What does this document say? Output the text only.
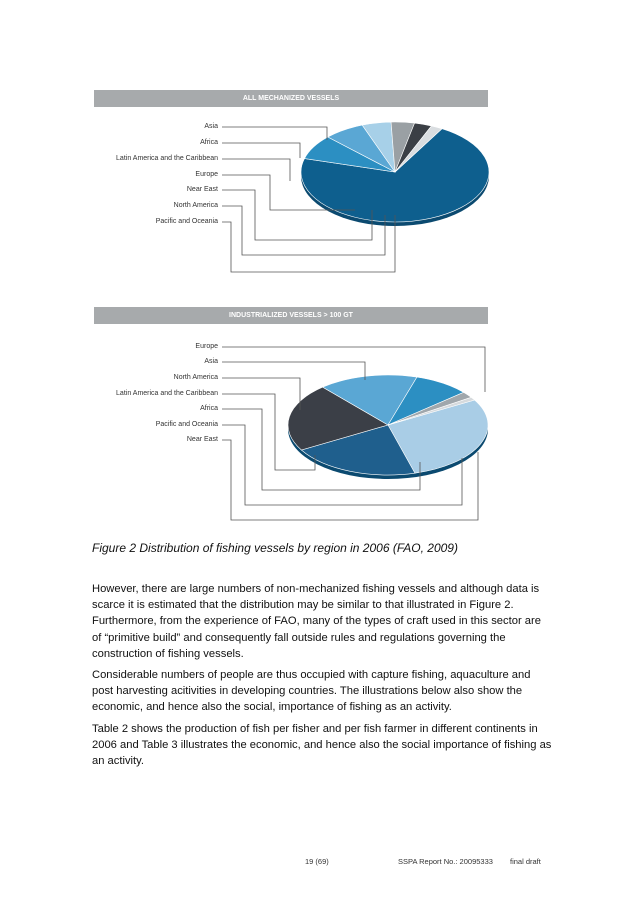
ALL MECHANIZED VESSELS
Asia
Africa
Latin America and the Caribbean
Europe
Near East
North America
Pacific and Oceania
INDUSTRIALIZED VESSELS > 100 GT
Europe
Asia
North America
Latin America and the Caribbean
Africa
Pacific and Oceania
Near East
Figure 2 Distribution of fishing vessels by region in 2006 (FAO, 2009)

However, there are large numbers of non-mechanized fishing vessels and although data is scarce it is estimated that the distribution may be similar to that illustrated in Figure 2. Furthermore, from the experience of FAO, many of the types of craft used in this sector are of “primitive build” and consequently fall outside rules and regulations governing the construction of fishing vessels.

Considerable numbers of people are thus occupied with capture fishing, aquaculture and post harvesting acitivities in developing countries. The illustrations below also show the economic, and hence also the social, importance of fishing as an activity.

Table 2 shows the production of fish per fisher and per fish farmer in different continents in 2006 and Table 3 illustrates the economic, and hence also the social importance of fishing as an activity.

19 (69)	SSPA Report No.: 20095333 final draft
